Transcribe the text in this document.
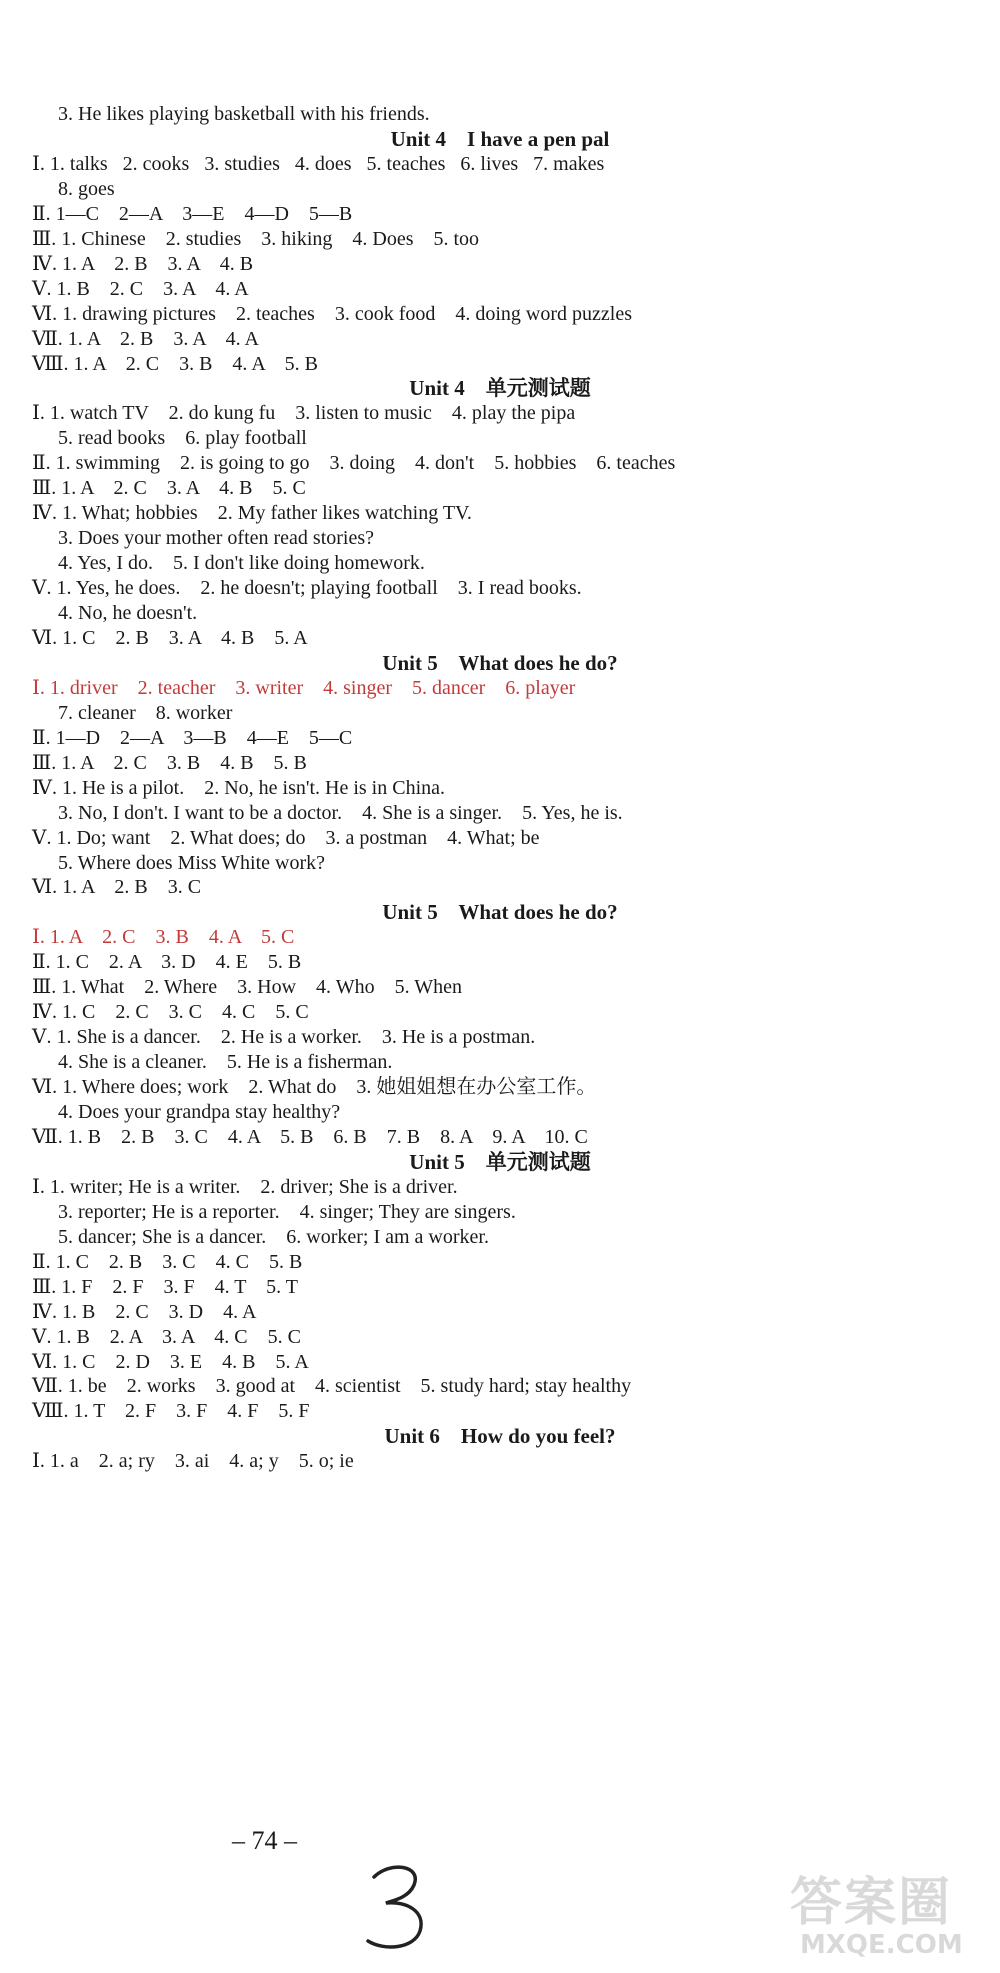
3. He likes playing basketball with his friends.
Unit 4    I have a pen pal
Ⅰ. 1. talks   2. cooks   3. studies   4. does   5. teaches   6. lives   7. makes
8. goes
Ⅱ. 1—C    2—A    3—E    4—D    5—B
Ⅲ. 1. Chinese    2. studies    3. hiking    4. Does    5. too
Ⅳ. 1. A    2. B    3. A    4. B
Ⅴ. 1. B    2. C    3. A    4. A
Ⅵ. 1. drawing pictures    2. teaches    3. cook food    4. doing word puzzles
Ⅶ. 1. A    2. B    3. A    4. A
Ⅷ. 1. A    2. C    3. B    4. A    5. B
Unit 4    单元测试题
Ⅰ. 1. watch TV    2. do kung fu    3. listen to music    4. play the pipa
5. read books    6. play football
Ⅱ. 1. swimming    2. is going to go    3. doing    4. don't    5. hobbies    6. teaches
Ⅲ. 1. A    2. C    3. A    4. B    5. C
Ⅳ. 1. What; hobbies    2. My father likes watching TV.
3. Does your mother often read stories?
4. Yes, I do.    5. I don't like doing homework.
Ⅴ. 1. Yes, he does.    2. he doesn't; playing football    3. I read books.
4. No, he doesn't.
Ⅵ. 1. C    2. B    3. A    4. B    5. A
Unit 5    What does he do?
Ⅰ. 1. driver    2. teacher    3. writer    4. singer    5. dancer    6. player
7. cleaner    8. worker
Ⅱ. 1—D    2—A    3—B    4—E    5—C
Ⅲ. 1. A    2. C    3. B    4. B    5. B
Ⅳ. 1. He is a pilot.    2. No, he isn't. He is in China.
3. No, I don't. I want to be a doctor.    4. She is a singer.    5. Yes, he is.
Ⅴ. 1. Do; want    2. What does; do    3. a postman    4. What; be
5. Where does Miss White work?
Ⅵ. 1. A    2. B    3. C
Unit 5    What does he do?
Ⅰ. 1. A    2. C    3. B    4. A    5. C
Ⅱ. 1. C    2. A    3. D    4. E    5. B
Ⅲ. 1. What    2. Where    3. How    4. Who    5. When
Ⅳ. 1. C    2. C    3. C    4. C    5. C
Ⅴ. 1. She is a dancer.    2. He is a worker.    3. He is a postman.
4. She is a cleaner.    5. He is a fisherman.
Ⅵ. 1. Where does; work    2. What do    3. 她姐姐想在办公室工作。
4. Does your grandpa stay healthy?
Ⅶ. 1. B    2. B    3. C    4. A    5. B    6. B    7. B    8. A    9. A    10. C
Unit 5    单元测试题
Ⅰ. 1. writer; He is a writer.    2. driver; She is a driver.
3. reporter; He is a reporter.    4. singer; They are singers.
5. dancer; She is a dancer.    6. worker; I am a worker.
Ⅱ. 1. C    2. B    3. C    4. C    5. B
Ⅲ. 1. F    2. F    3. F    4. T    5. T
Ⅳ. 1. B    2. C    3. D    4. A
Ⅴ. 1. B    2. A    3. A    4. C    5. C
Ⅵ. 1. C    2. D    3. E    4. B    5. A
Ⅶ. 1. be    2. works    3. good at    4. scientist    5. study hard; stay healthy
Ⅷ. 1. T    2. F    3. F    4. F    5. F
Unit 6    How do you feel?
Ⅰ. 1. a    2. a; ry    3. ai    4. a; y    5. o; ie
– 74 –
答案圈
MXQE.COM
